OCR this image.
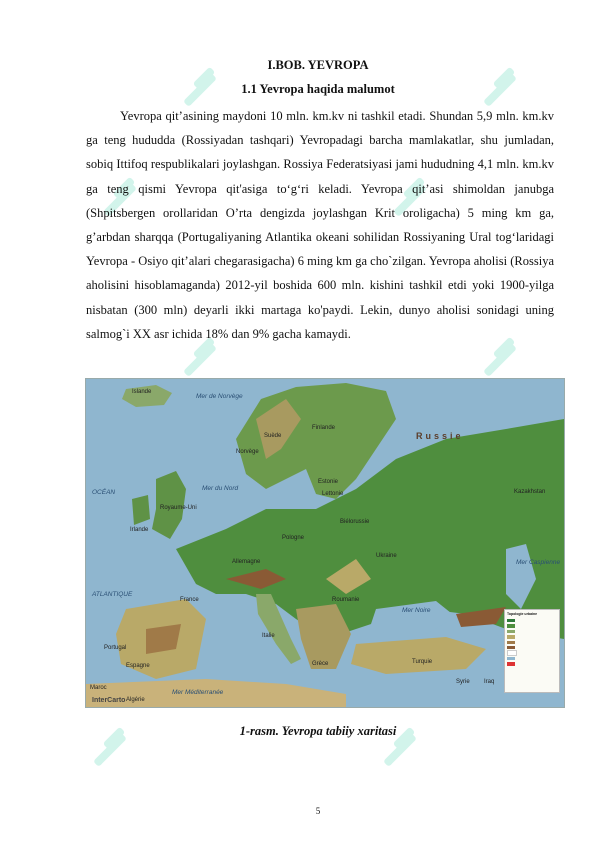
I.BOB. YEVROPA
1.1 Yevropa haqida malumot

Yevropa qit’asining maydoni 10 mln. km.kv ni tashkil etadi. Shundan 5,9 mln. km.kv ga teng hududda (Rossiyadan tashqari) Yevropadagi barcha mamlakatlar, shu jumladan, sobiq Ittifoq respublikalari joylashgan. Rossiya Federatsiyasi jami hududning 4,1 mln. km.kv ga teng qismi Yevropa qit'asiga to‘g‘ri keladi. Yevropa qit’asi shimoldan janubga (Shpitsbergen orollaridan O’rta dengizda joylashgan Krit oroligacha) 5 ming km ga, g’arbdan sharqqa (Portugaliyaning Atlantika okeani sohilidan Rossiyaning Ural tog‘laridagi Yevropa - Osiyo qit’alari chegarasigacha) 6 ming km ga cho`zilgan. Yevropa aholisi (Rossiya aholisini hisoblamaganda) 2012-yil boshida 600 mln. kishini tashkil etdi yoki 1900-yilga nisbatan (300 mln) deyarli ikki martaga ko'paydi. Lekin, dunyo aholisi sonidagi uning salmog`i XX asr ichida 18% dan 9% gacha kamaydi.

Islande
Mer de Norvège
Norvège
Suède
Finlande
Russie
OCÉAN
ATLANTIQUE
Mer du Nord
Royaume-Uni
Irlande
Estonie
Lettonie
Pologne
Biélorussie
Ukraine
Allemagne
France	Roumanie
Mer Noire
Italie
Portugal
Espagne	Grèce	Turquie
Mer Méditerranée
Kazakhstan
Mer Caspienne
Maroc
Algérie
Syrie Iraq
Topologie urbaine
InterCarto
1-rasm. Yevropa tabiiy xaritasi
5
